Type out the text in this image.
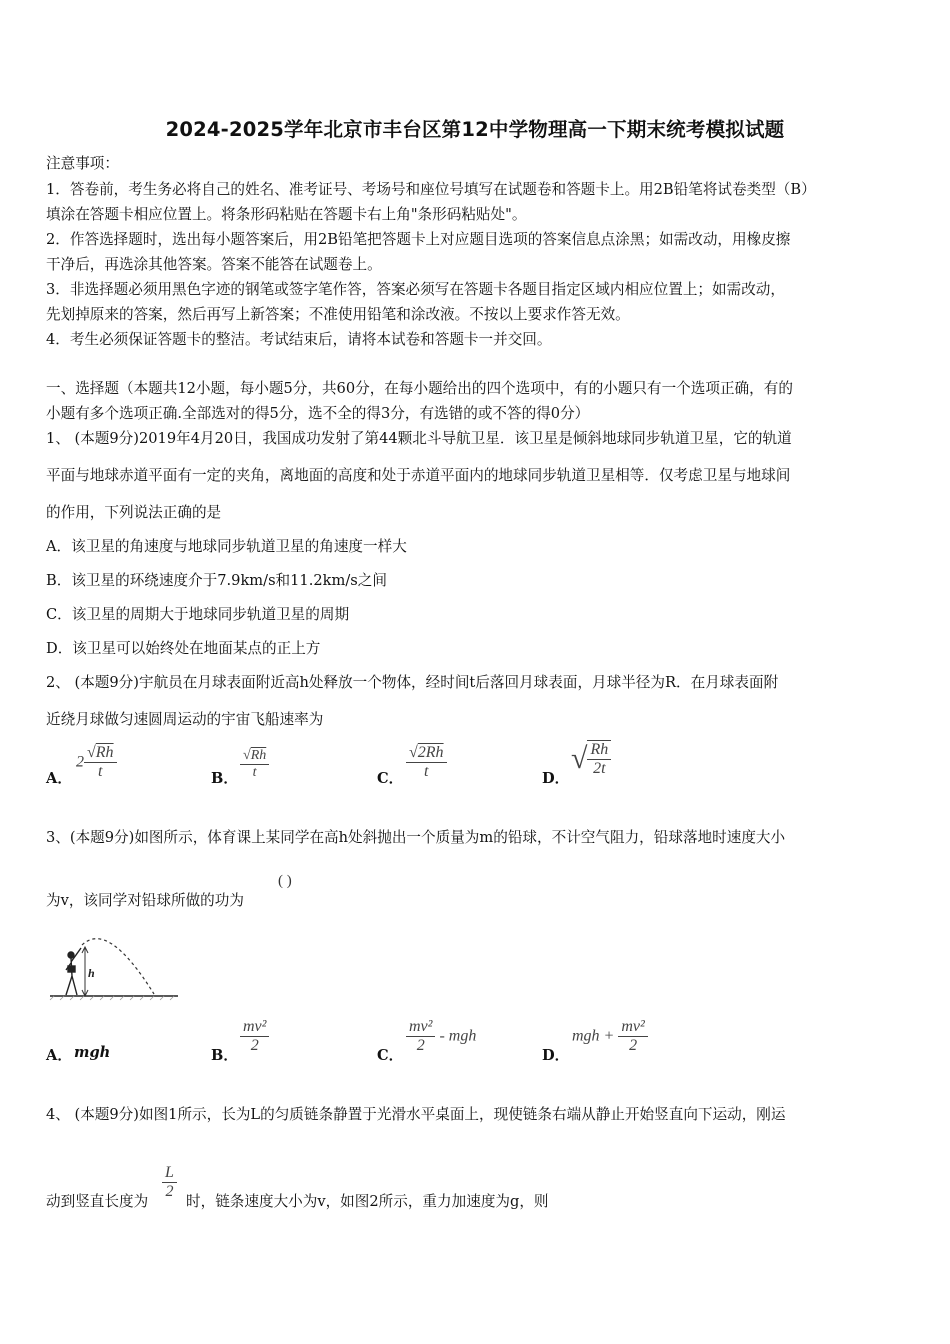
2024-2025学年北京市丰台区第12中学物理高一下期末统考模拟试题
注意事项：
1．答卷前，考生务必将自己的姓名、准考证号、考场号和座位号填写在试题卷和答题卡上。用2B铅笔将试卷类型（B）
填涂在答题卡相应位置上。将条形码粘贴在答题卡右上角"条形码粘贴处"。
2．作答选择题时，选出每小题答案后，用2B铅笔把答题卡上对应题目选项的答案信息点涂黑；如需改动，用橡皮擦
干净后，再选涂其他答案。答案不能答在试题卷上。
3．非选择题必须用黑色字迹的钢笔或签字笔作答，答案必须写在答题卡各题目指定区域内相应位置上；如需改动，
先划掉原来的答案，然后再写上新答案；不准使用铅笔和涂改液。不按以上要求作答无效。
4．考生必须保证答题卡的整洁。考试结束后，请将本试卷和答题卡一并交回。
一、选择题（本题共12小题，每小题5分，共60分，在每小题给出的四个选项中，有的小题只有一个选项正确，有的
小题有多个选项正确.全部选对的得5分，选不全的得3分，有选错的或不答的得0分）
1、 (本题9分)2019年4月20日，我国成功发射了第44颗北斗导航卫星．该卫星是倾斜地球同步轨道卫星，它的轨道
平面与地球赤道平面有一定的夹角，离地面的高度和处于赤道平面内的地球同步轨道卫星相等．仅考虑卫星与地球间
的作用，下列说法正确的是
A．该卫星的角速度与地球同步轨道卫星的角速度一样大
B．该卫星的环绕速度介于7.9km/s和11.2km/s之间
C．该卫星的周期大于地球同步轨道卫星的周期
D．该卫星可以始终处在地面某点的正上方
2、 (本题9分)宇航员在月球表面附近高h处释放一个物体，经时间t后落回月球表面，月球半径为R．在月球表面附
近绕月球做匀速圆周运动的宇宙飞船速率为
A．
$2 \frac{√Rh}{t}$	B． $\frac{√Rh}{t}$	C． $\frac{√2Rh}{t}$	D．
√ $\frac{Rh}{2t}$
3、(本题9分)如图所示，体育课上某同学在高h处斜抛出一个质量为m的铅球，不计空气阻力，铅球落地时速度大小
为v，该同学对铅球所做的功为
( )
h
A． mgh	B．
$\frac{\text{mv²}}{2}$
C．
$\frac{\text{mv²}}{2}$ - mgh
D．
mgh + $\frac{\text{mv²}}{2}$
4、 (本题9分)如图1所示，长为L的匀质链条静置于光滑水平桌面上，现使链条右端从静止开始竖直向下运动，刚运
动到竖直长度为
$\frac{L}{2}$
时，链条速度大小为v，如图2所示，重力加速度为g，则
